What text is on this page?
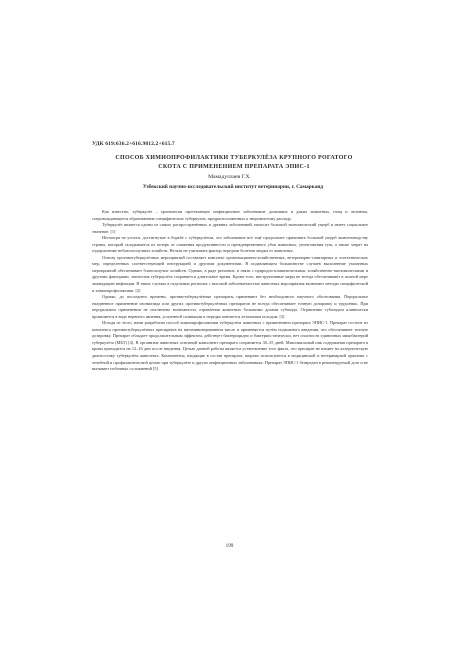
УДК 619:636.2+616.9812.2+615.7
СПОСОБ ХИМИОПРОФИЛАКТИКИ ТУБЕРКУЛЁЗА КРУПНОГО РОГАТОГО СКОТА С ПРИМЕНЕНИЕМ ПРЕПАРАТА ЭПИС-1
Мамадуллаев Г.Х.
Узбекский научно-исследовательский институт ветеринарии, г. Самарканд

Как известно, туберкулёз – хронически протекающее инфекционное заболевание домашних и диких животных, птиц и человека, сопровождающееся образованием специфических туберкулов, предрасположенных к творожистому распаду.

Туберкулёз является одним из самых распространённых и древних заболеваний, наносит большой экономический ущерб и имеет социальное значение. [1]

Несмотря на успехи, достигнутые в борьбе с туберкулёзом, это заболевание всё ещё продолжает причинять большой ущерб животноводству страны, который складывается из потерь от снижения продуктивности и преждевременного убоя животных, уничтожения туш, а также затрат на оздоровление неблагополучных хозяйств. Нельзя не учитывать фактор передачи болезни людям от животных.

Основу противотуберкулёзных мероприятий составляет комплекс организационно-хозяйственных, ветеринарно-санитарных и зоотехнических мер, определенных соответствующей инструкцией и другими документами. В подавляющем большинстве случаев выполнение указанных мероприятий обеспечивает благополучие хозяйств. Однако, в ряде регионов, в связи с природно-климатическими, хозяйственно-экономическими и другими факторами, эпизоотия туберкулёза сохраняется длительное время. Кроме того, инструктивные меры не всегда обеспечивают в полной мере ликвидацию инфекции. В таких случаях в отдельных регионах с высокой заболеваемостью животных мероприятия включают методы специфической и химиопрофилактики. [2]

Однако, до последнего времени, противотуберкулёзные препараты применяют без необходимого научного обоснования. Пероральное ежедневное применение изониазида или других противотуберкулёзных препаратов не всегда обеспечивает точную дозировку и трудоёмко. При пероральном применении не исключена возможность отравления животных большими дозами тубазида. Отравление тубазидом клинически проявляется в виде нервного явления, усиленной саливации и нередко кончается летальным исходом. [3]

Исходя из этого, нами разработан способ химиопрофилактики туберкулёза животных с применением препарата ЭПИС-1. Препарат состоит из комплекса противотуберкулёзных препаратов на витаминизированном масле и применяется путём подкожного введения, что обеспечивает точную дозировку. Препарат обладает продолжительным эффектом, действует бактерицидно и бактериостатически, нет опасности единичных микобактерий туберкулёза (МБТ) [4]. В организме животных основной компонент препарата сохраняется 30–35 дней. Максимальный пик содержания препарата в крови приходится на 12–16 дни после введения. Целью данной работы является установление того факта, что препарат не влияет на аллергическую диагностику туберкулёза животных. Компоненты, входящие в состав препарата, широко используются в медицинской и ветеринарной практике с лечебной и профилактической целью при туберкулёзе и других инфекционных заболеваниях. Препарат ЭПИС-1 безвреден в рекомендуемой дозе и не вызывает побочных осложнений [5].

199
